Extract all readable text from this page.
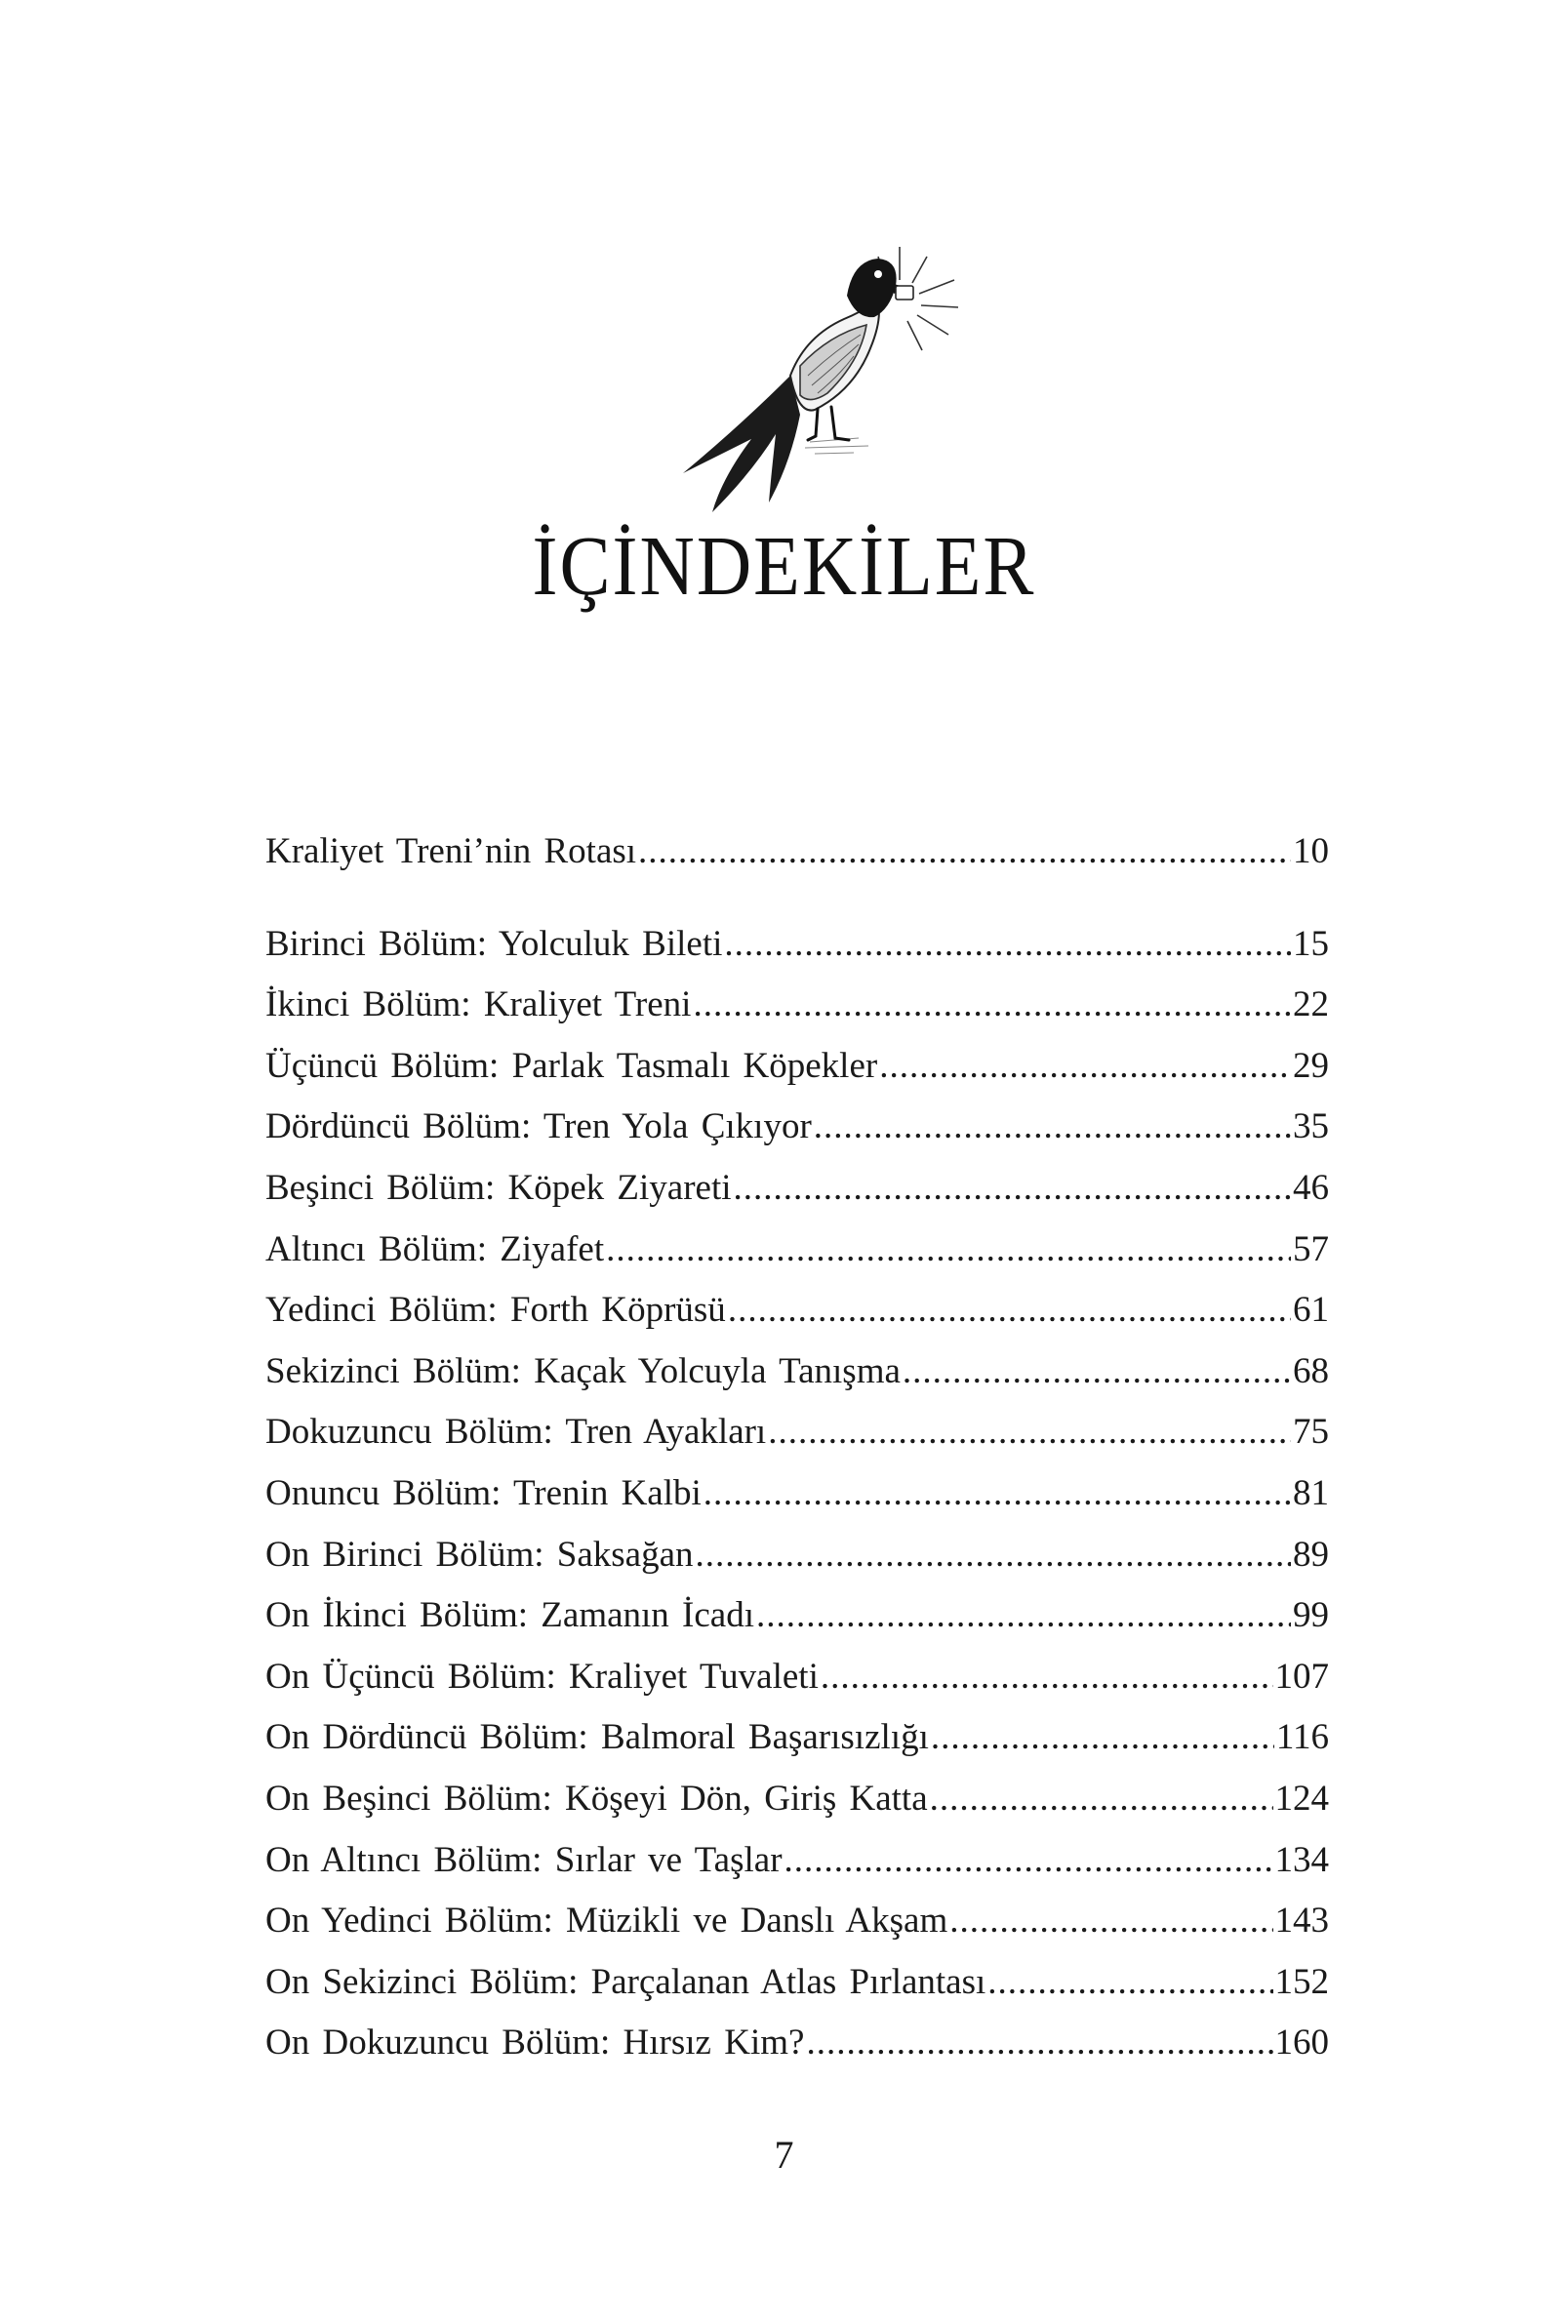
İÇİNDEKİLER
Kraliyet Treni’nin Rotası .....	10
Birinci Bölüm: Yolculuk Bileti .....	15
İkinci Bölüm: Kraliyet Treni .....	22
Üçüncü Bölüm: Parlak Tasmalı Köpekler .....	29
Dördüncü Bölüm: Tren Yola Çıkıyor .....	35
Beşinci Bölüm: Köpek Ziyareti .....	46
Altıncı Bölüm: Ziyafet .....	57
Yedinci Bölüm: Forth Köprüsü .....	61
Sekizinci Bölüm: Kaçak Yolcuyla Tanışma .....	68
Dokuzuncu Bölüm: Tren Ayakları .....	75
Onuncu Bölüm: Trenin Kalbi .....	81
On Birinci Bölüm: Saksağan .....	89
On İkinci Bölüm: Zamanın İcadı .....	99
On Üçüncü Bölüm: Kraliyet Tuvaleti .....	107
On Dördüncü Bölüm: Balmoral Başarısızlığı .....	116
On Beşinci Bölüm: Köşeyi Dön, Giriş Katta .....	124
On Altıncı Bölüm: Sırlar ve Taşlar .....	134
On Yedinci Bölüm: Müzikli ve Danslı Akşam .....	143
On Sekizinci Bölüm: Parçalanan Atlas Pırlantası .....	152
On Dokuzuncu Bölüm: Hırsız Kim? .....	160
7
